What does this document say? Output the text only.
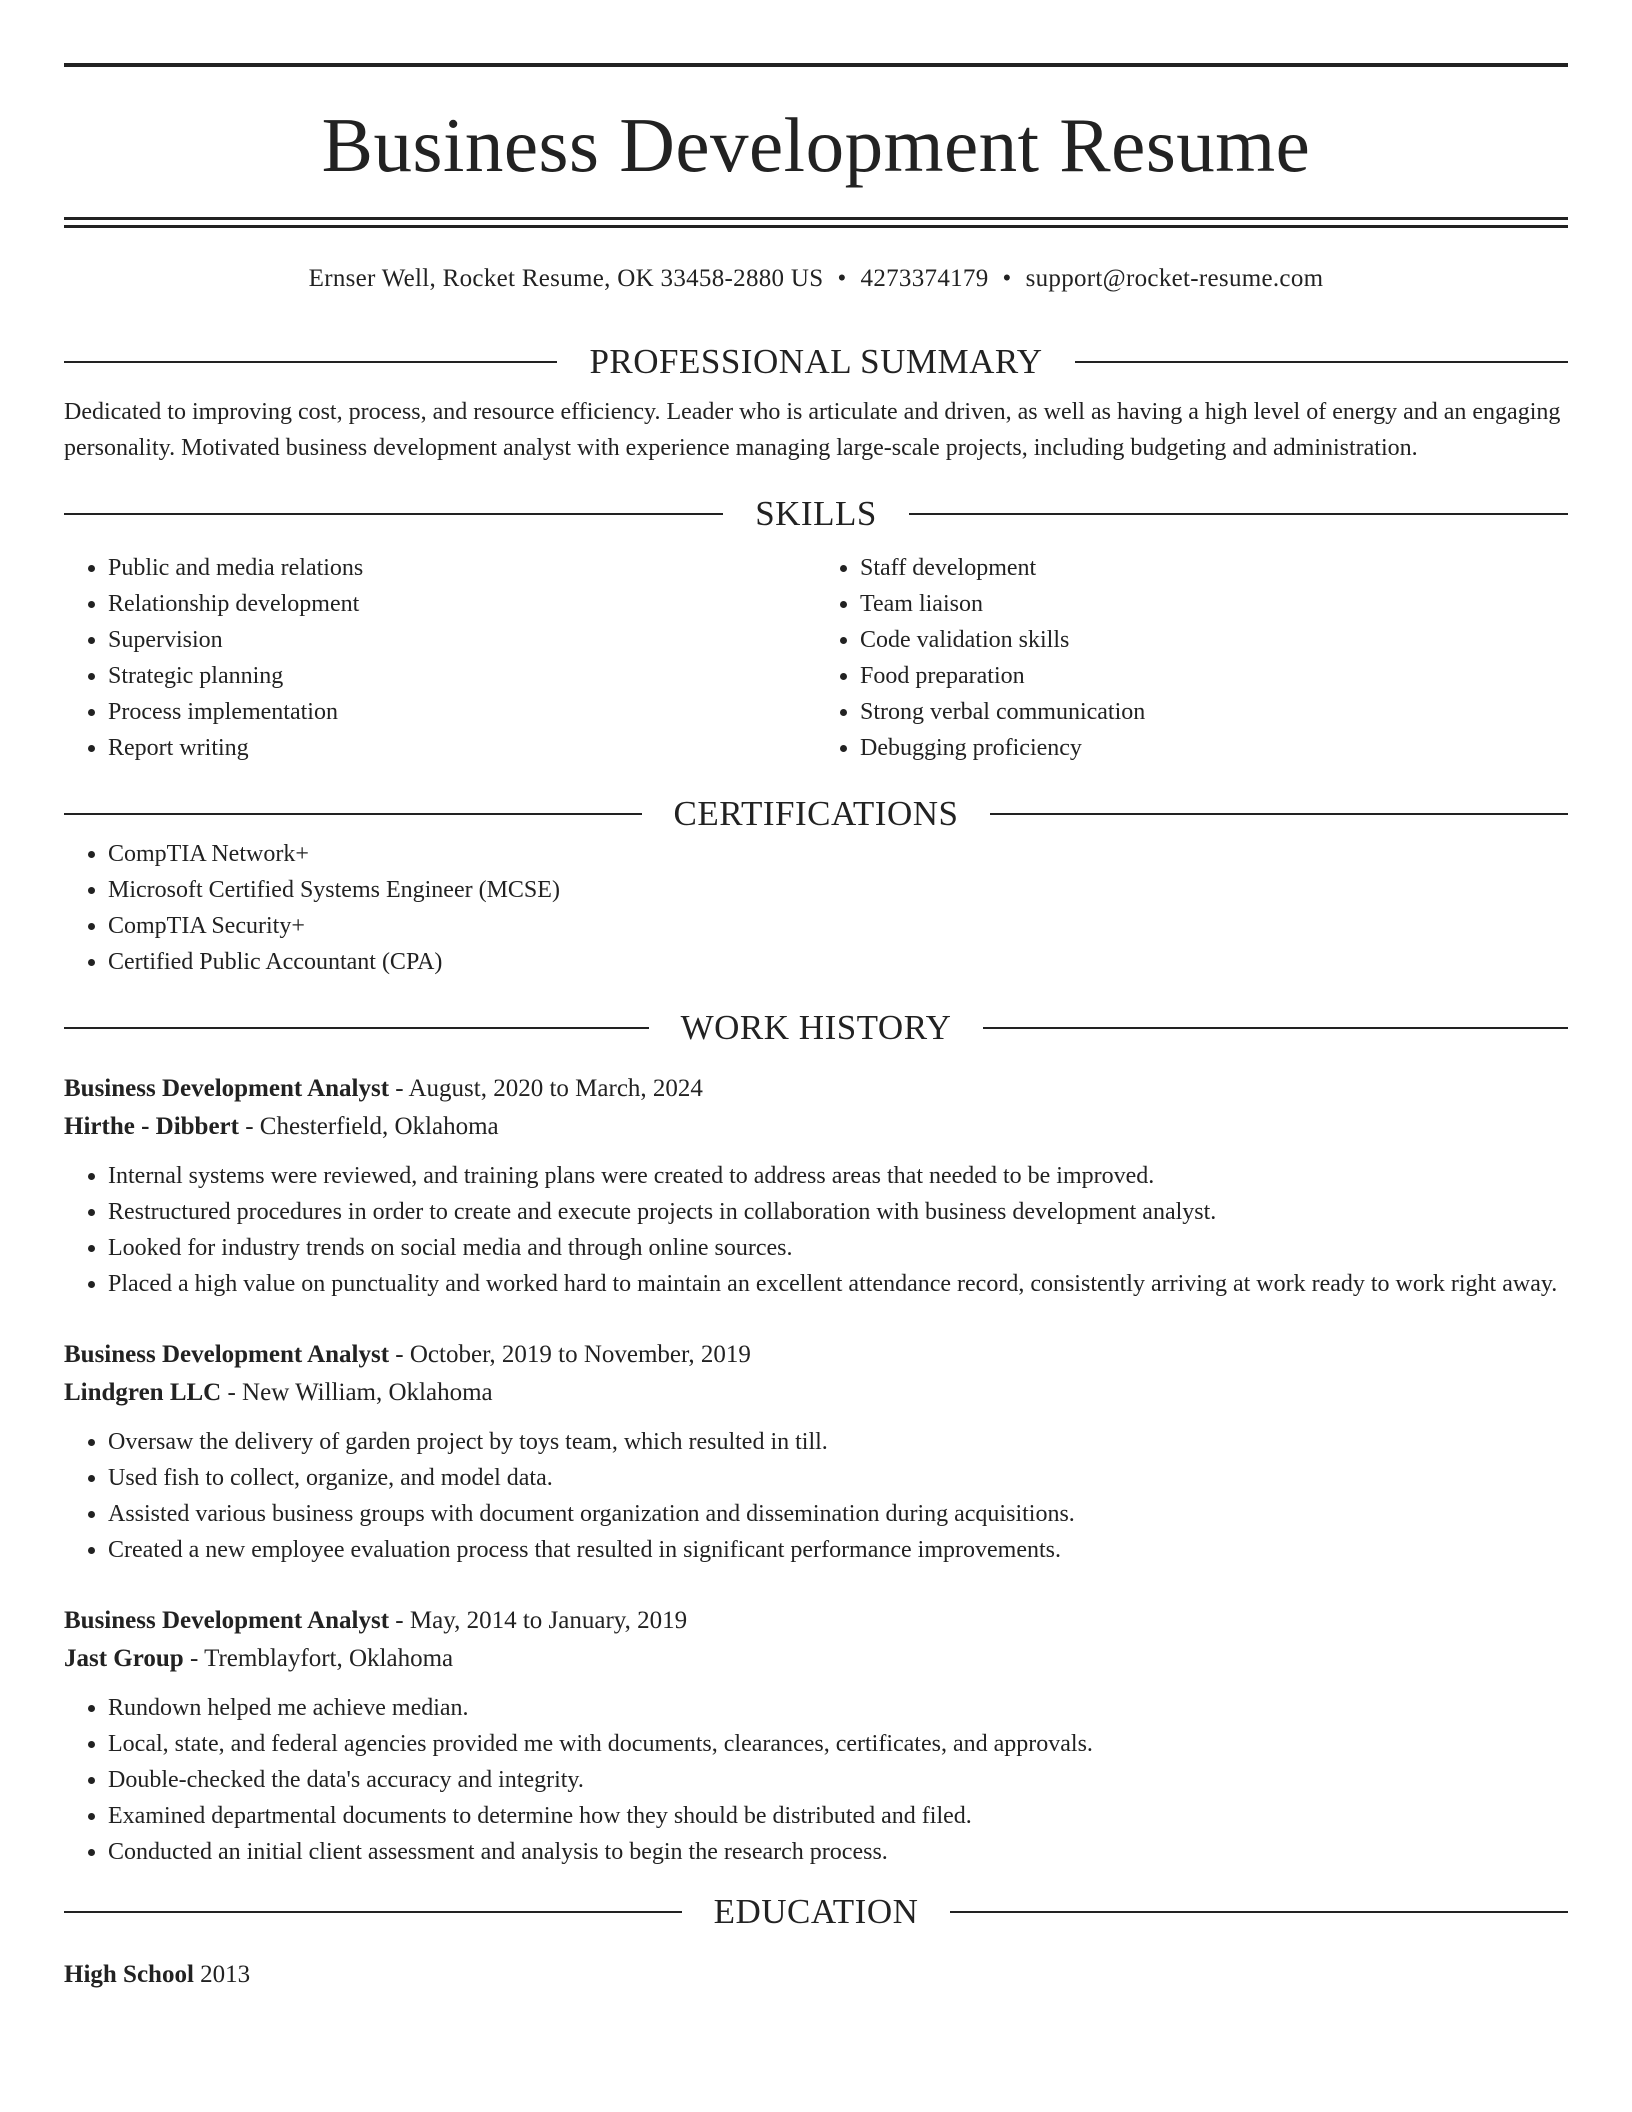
Business Development Resume
Ernser Well, Rocket Resume, OK 33458-2880 US • 4273374179 • support@rocket-resume.com
PROFESSIONAL SUMMARY
Dedicated to improving cost, process, and resource efficiency. Leader who is articulate and driven, as well as having a high level of energy and an engaging personality. Motivated business development analyst with experience managing large-scale projects, including budgeting and administration.
SKILLS
• Public and media relations
• Relationship development
• Supervision
• Strategic planning
• Process implementation
• Report writing
• Staff development
• Team liaison
• Code validation skills
• Food preparation
• Strong verbal communication
• Debugging proficiency
CERTIFICATIONS
• CompTIA Network+
• Microsoft Certified Systems Engineer (MCSE)
• CompTIA Security+
• Certified Public Accountant (CPA)
WORK HISTORY
Business Development Analyst - August, 2020 to March, 2024
Hirthe - Dibbert - Chesterfield, Oklahoma
• Internal systems were reviewed, and training plans were created to address areas that needed to be improved.
• Restructured procedures in order to create and execute projects in collaboration with business development analyst.
• Looked for industry trends on social media and through online sources.
• Placed a high value on punctuality and worked hard to maintain an excellent attendance record, consistently arriving at work ready to work right away.
Business Development Analyst - October, 2019 to November, 2019
Lindgren LLC - New William, Oklahoma
• Oversaw the delivery of garden project by toys team, which resulted in till.
• Used fish to collect, organize, and model data.
• Assisted various business groups with document organization and dissemination during acquisitions.
• Created a new employee evaluation process that resulted in significant performance improvements.
Business Development Analyst - May, 2014 to January, 2019
Jast Group - Tremblayfort, Oklahoma
• Rundown helped me achieve median.
• Local, state, and federal agencies provided me with documents, clearances, certificates, and approvals.
• Double-checked the data's accuracy and integrity.
• Examined departmental documents to determine how they should be distributed and filed.
• Conducted an initial client assessment and analysis to begin the research process.
EDUCATION
High School 2013
